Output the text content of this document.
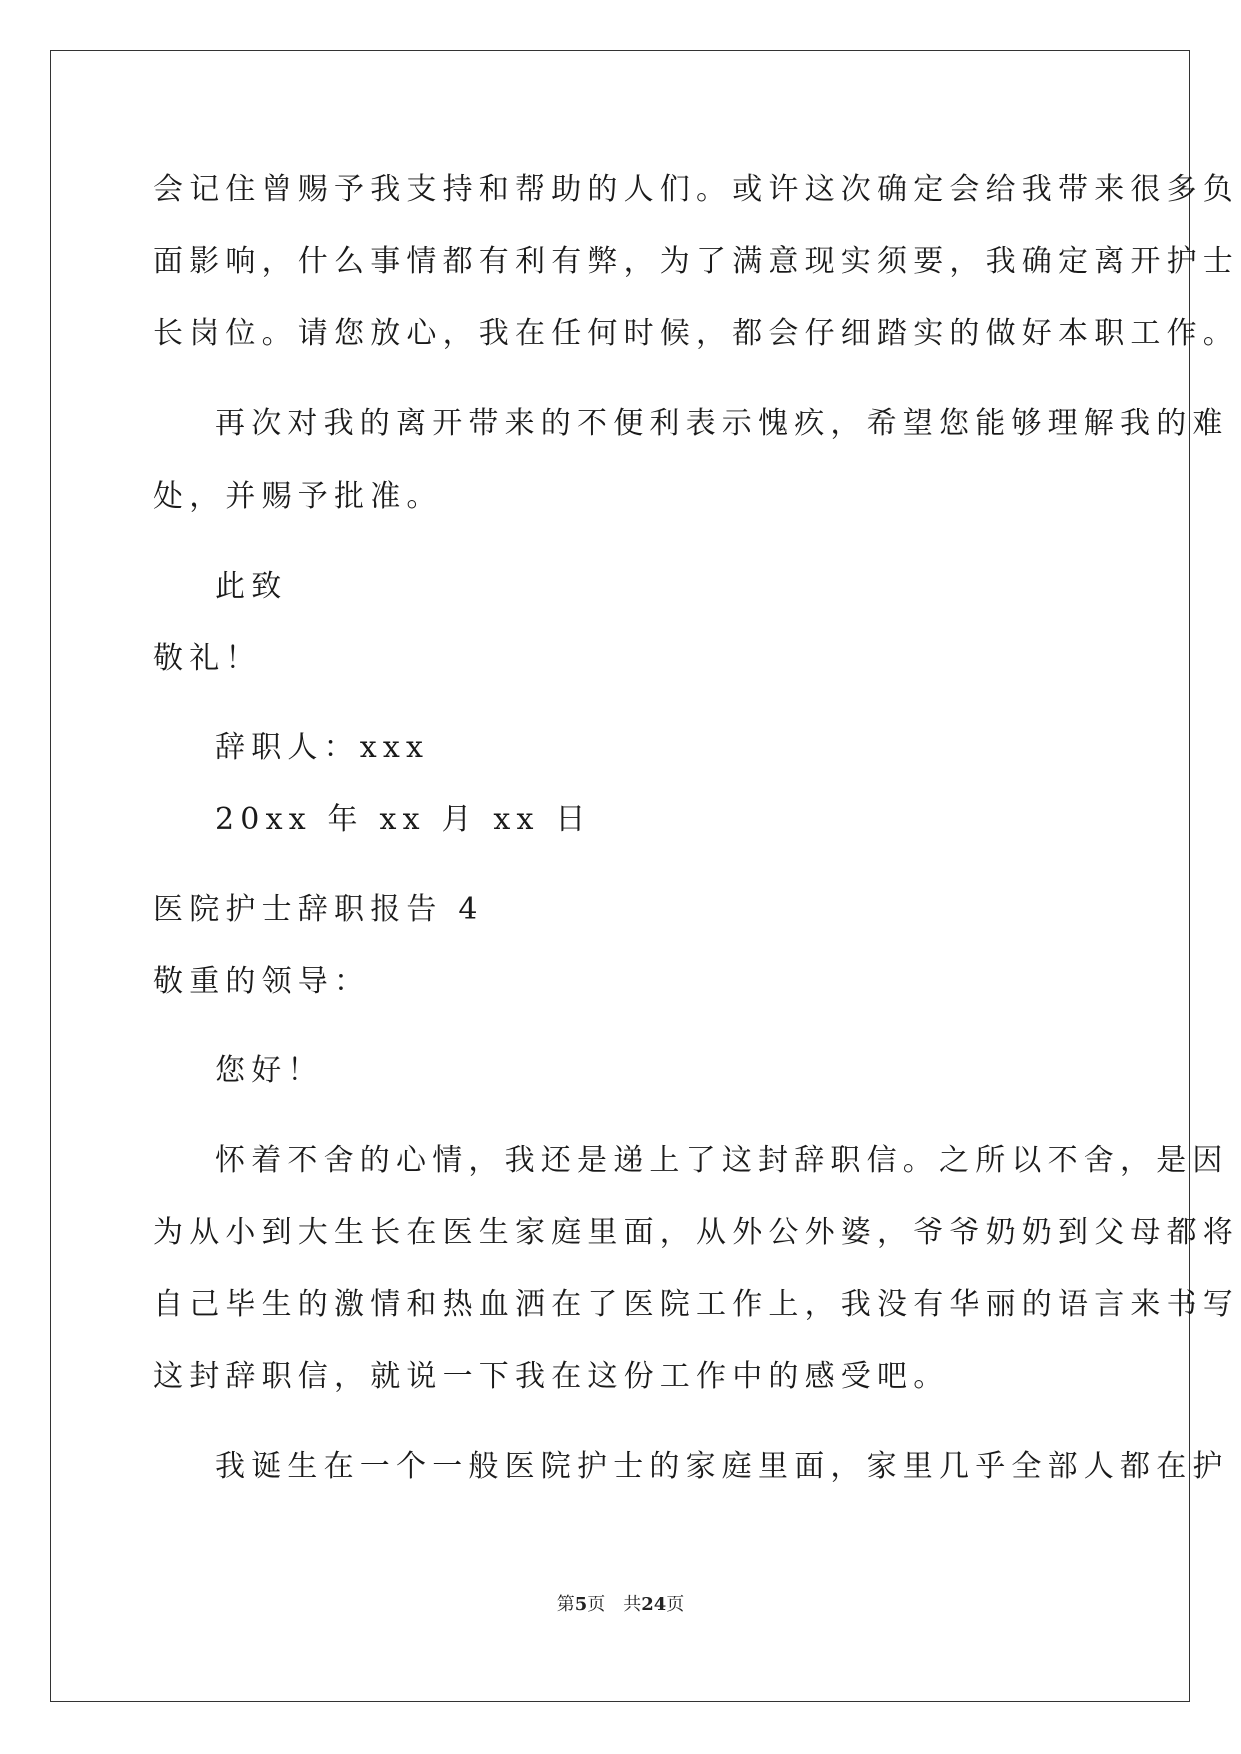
会记住曾赐予我支持和帮助的人们。或许这次确定会给我带来很多负
面影响，什么事情都有利有弊，为了满意现实须要，我确定离开护士
长岗位。请您放心，我在任何时候，都会仔细踏实的做好本职工作。
再次对我的离开带来的不便利表示愧疚，希望您能够理解我的难
处，并赐予批准。
此致
敬礼！
辞职人：xxx
20xx 年 xx 月 xx 日
医院护士辞职报告 4
敬重的领导：
您好！
怀着不舍的心情，我还是递上了这封辞职信。之所以不舍，是因
为从小到大生长在医生家庭里面，从外公外婆，爷爷奶奶到父母都将
自己毕生的激情和热血洒在了医院工作上，我没有华丽的语言来书写
这封辞职信，就说一下我在这份工作中的感受吧。
我诞生在一个一般医院护士的家庭里面，家里几乎全部人都在护
第5页 共24页
